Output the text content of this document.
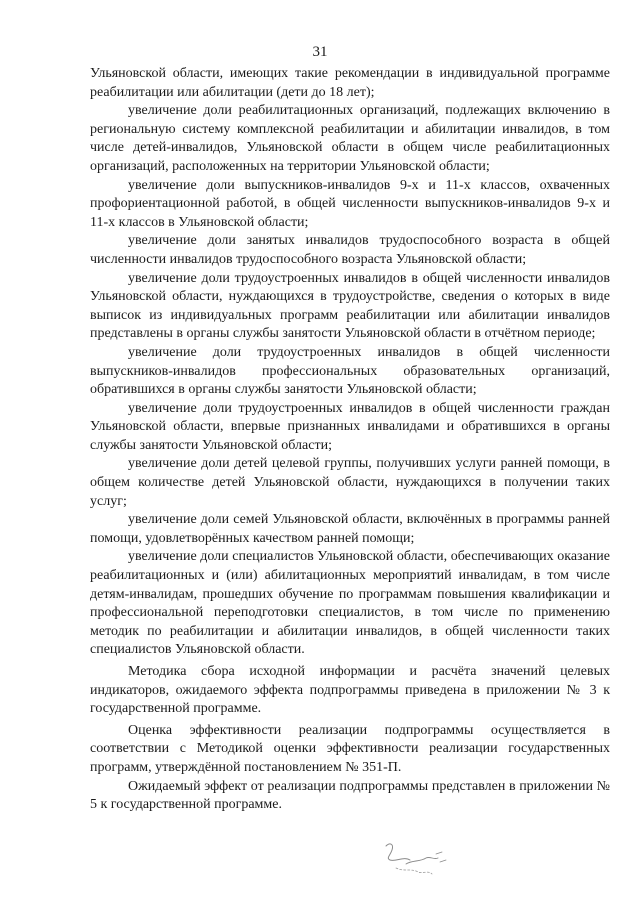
31

Ульяновской области, имеющих такие рекомендации в индивидуальной программе реабилитации или абилитации (дети до 18 лет);

увеличение доли реабилитационных организаций, подлежащих включению в региональную систему комплексной реабилитации и абилитации инвалидов, в том числе детей-инвалидов, Ульяновской области в общем числе реабилитационных организаций, расположенных на территории Ульяновской области;

увеличение доли выпускников-инвалидов 9-х и 11-х классов, охваченных профориентационной работой, в общей численности выпускников-инвалидов 9-х и 11-х классов в Ульяновской области;

увеличение доли занятых инвалидов трудоспособного возраста в общей численности инвалидов трудоспособного возраста Ульяновской области;

увеличение доли трудоустроенных инвалидов в общей численности инвалидов Ульяновской области, нуждающихся в трудоустройстве, сведения о которых в виде выписок из индивидуальных программ реабилитации или абилитации инвалидов представлены в органы службы занятости Ульяновской области в отчётном периоде;

увеличение доли трудоустроенных инвалидов в общей численности выпускников-инвалидов профессиональных образовательных организаций, обратившихся в органы службы занятости Ульяновской области;

увеличение доли трудоустроенных инвалидов в общей численности граждан Ульяновской области, впервые признанных инвалидами и обратившихся в органы службы занятости Ульяновской области;

увеличение доли детей целевой группы, получивших услуги ранней помощи, в общем количестве детей Ульяновской области, нуждающихся в получении таких услуг;

увеличение доли семей Ульяновской области, включённых в программы ранней помощи, удовлетворённых качеством ранней помощи;

увеличение доли специалистов Ульяновской области, обеспечивающих оказание реабилитационных и (или) абилитационных мероприятий инвалидам, в том числе детям-инвалидам, прошедших обучение по программам повышения квалификации и профессиональной переподготовки специалистов, в том числе по применению методик по реабилитации и абилитации инвалидов, в общей численности таких специалистов Ульяновской области.

Методика сбора исходной информации и расчёта значений целевых индикаторов, ожидаемого эффекта подпрограммы приведена в приложении № 3 к государственной программе.

Оценка эффективности реализации подпрограммы осуществляется в соответствии с Методикой оценки эффективности реализации государственных программ, утверждённой постановлением № 351-П.

Ожидаемый эффект от реализации подпрограммы представлен в приложении № 5 к государственной программе.
